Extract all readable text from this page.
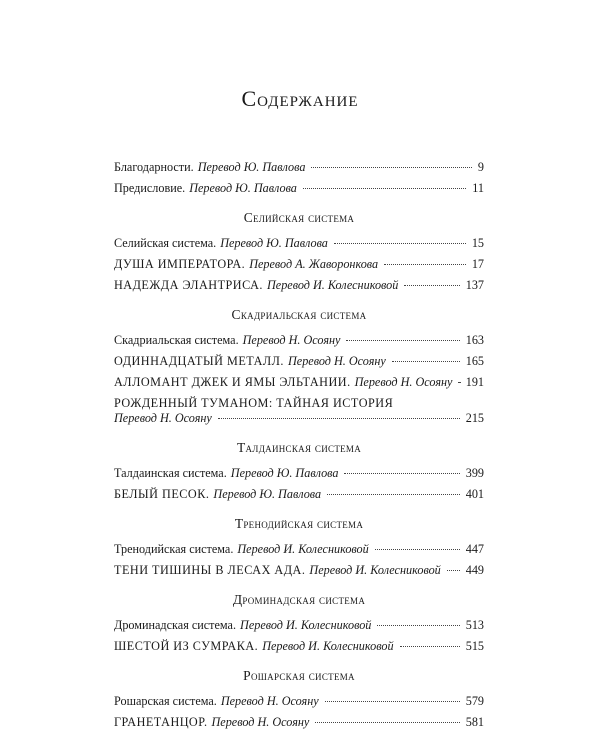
Содержание
Благодарности. Перевод Ю. Павлова	9
Предисловие. Перевод Ю. Павлова	11
Селийская система
Селийская система. Перевод Ю. Павлова	15
ДУША ИМПЕРАТОРА. Перевод А. Жаворонкова	17
НАДЕЖДА ЭЛАНТРИСА. Перевод И. Колесниковой	137
Скадриальская система
Скадриальская система. Перевод Н. Осояну	163
ОДИННАДЦАТЫЙ МЕТАЛЛ. Перевод Н. Осояну	165
АЛЛОМАНТ ДЖЕК И ЯМЫ ЭЛЬТАНИИ. Перевод Н. Осояну 191
РОЖДЕННЫЙ ТУМАНОМ: ТАЙНАЯ ИСТОРИЯ
Перевод Н. Осояну	215
Талдаинская система
Талдаинская система. Перевод Ю. Павлова	399
БЕЛЫЙ ПЕСОК. Перевод Ю. Павлова	401
Тренодийская система
Тренодийская система. Перевод И. Колесниковой	447
ТЕНИ ТИШИНЫ В ЛЕСАХ АДА. Перевод И. Колесниковой 449
Дроминадская система
Дроминадская система. Перевод И. Колесниковой	513
ШЕСТОЙ ИЗ СУМРАКА. Перевод И. Колесниковой	515
Рошарская система
Рошарская система. Перевод Н. Осояну	579
ГРАНЕТАНЦОР. Перевод Н. Осояну	581
